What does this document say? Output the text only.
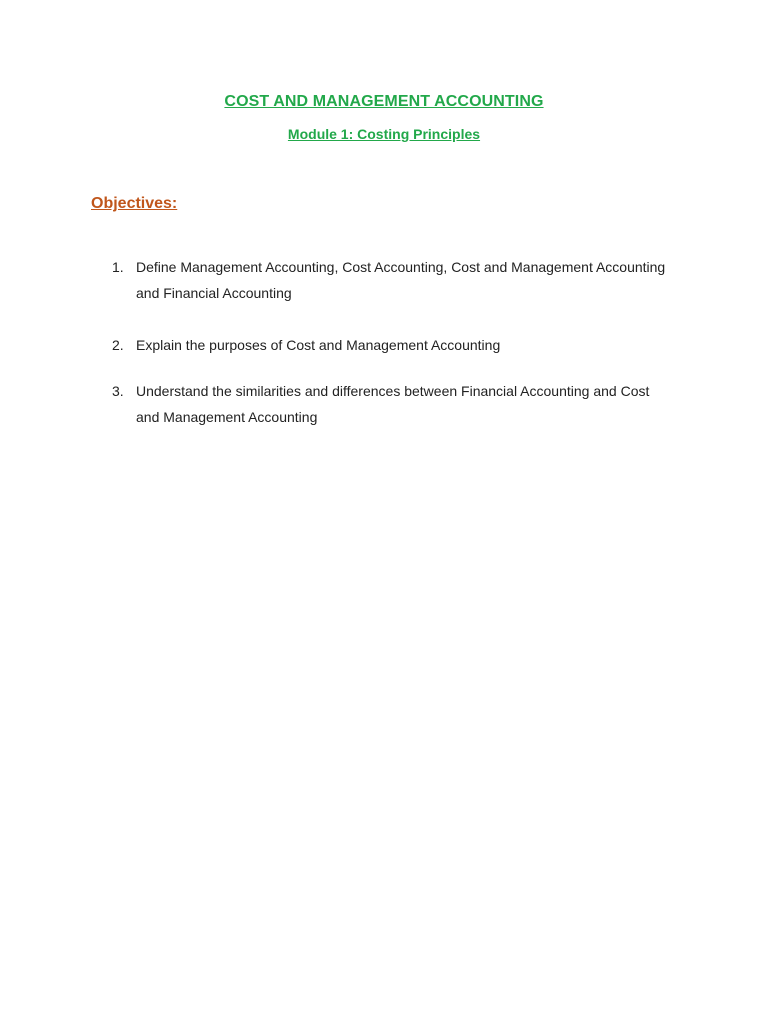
COST AND MANAGEMENT ACCOUNTING
Module 1: Costing Principles
Objectives:
1. Define Management Accounting, Cost Accounting, Cost and Management Accounting and Financial Accounting
2. Explain the purposes of Cost and Management Accounting
3. Understand the similarities and differences between Financial Accounting and Cost and Management Accounting
